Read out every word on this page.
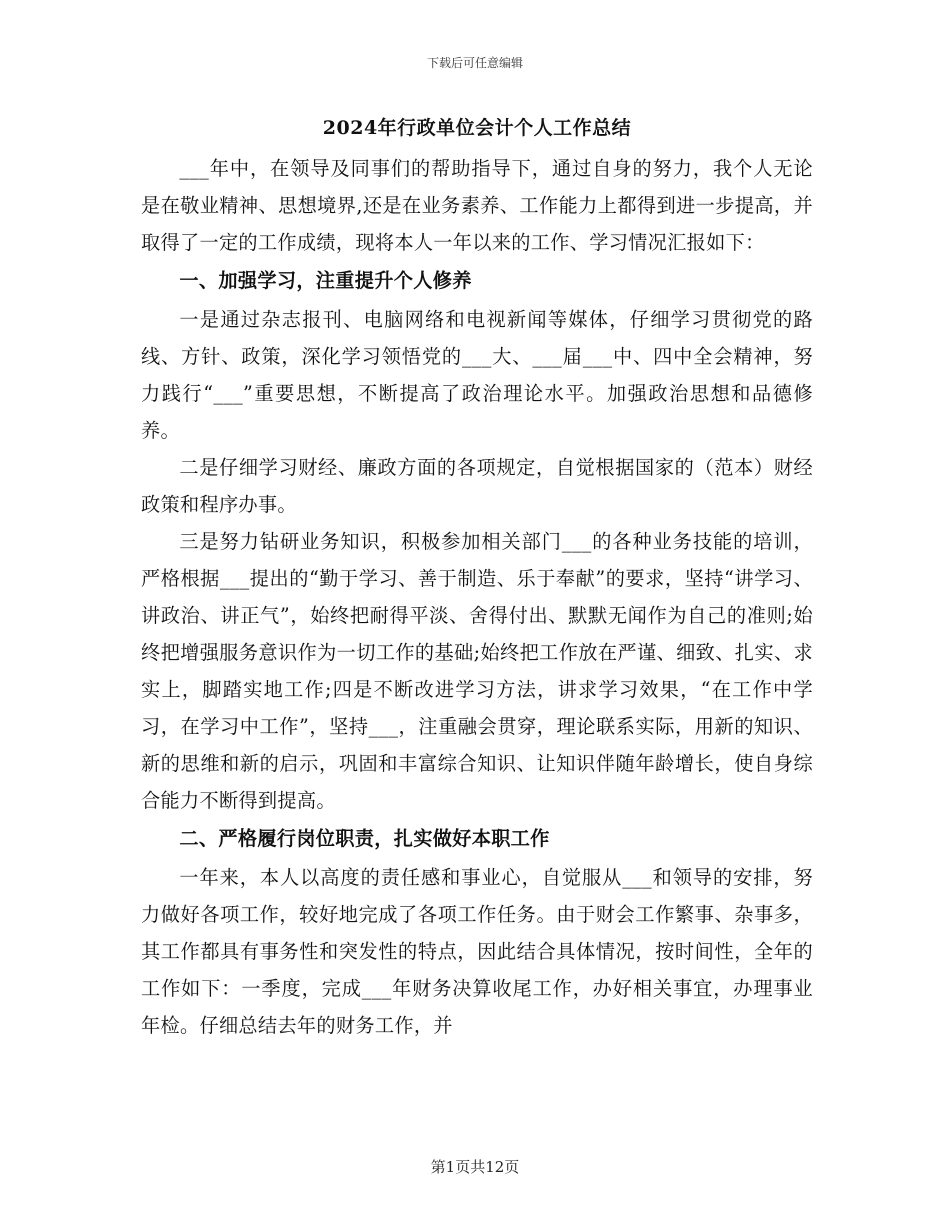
下载后可任意编辑
2024年行政单位会计个人工作总结

___年中，在领导及同事们的帮助指导下，通过自身的努力，我个人无论是在敬业精神、思想境界,还是在业务素养、工作能力上都得到进一步提高，并取得了一定的工作成绩，现将本人一年以来的工作、学习情况汇报如下：

一、加强学习，注重提升个人修养

一是通过杂志报刊、电脑网络和电视新闻等媒体，仔细学习贯彻党的路线、方针、政策，深化学习领悟党的___大、___届___中、四中全会精神，努力践行“___”重要思想，不断提高了政治理论水平。加强政治思想和品德修养。

二是仔细学习财经、廉政方面的各项规定，自觉根据国家的（范本）财经政策和程序办事。

三是努力钻研业务知识，积极参加相关部门___的各种业务技能的培训，严格根据___提出的“勤于学习、善于制造、乐于奉献”的要求，坚持“讲学习、讲政治、讲正气”，始终把耐得平淡、舍得付出、默默无闻作为自己的准则;始终把增强服务意识作为一切工作的基础;始终把工作放在严谨、细致、扎实、求实上，脚踏实地工作;四是不断改进学习方法，讲求学习效果，“在工作中学习，在学习中工作”，坚持___，注重融会贯穿，理论联系实际，用新的知识、新的思维和新的启示，巩固和丰富综合知识、让知识伴随年龄增长，使自身综合能力不断得到提高。

二、严格履行岗位职责，扎实做好本职工作

一年来，本人以高度的责任感和事业心，自觉服从___和领导的安排，努力做好各项工作，较好地完成了各项工作任务。由于财会工作繁事、杂事多，其工作都具有事务性和突发性的特点，因此结合具体情况，按时间性，全年的工作如下：一季度，完成___年财务决算收尾工作，办好相关事宜，办理事业年检。仔细总结去年的财务工作，并

第1页共12页
